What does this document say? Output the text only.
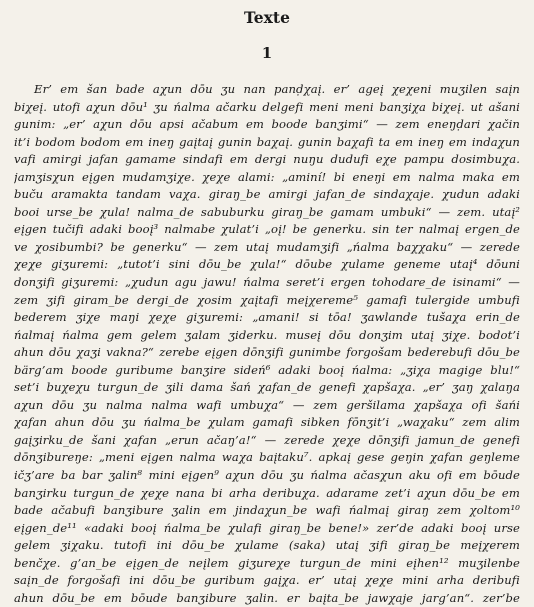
Texte
1
Er’ em šan bade aχun dōu ӡu nan panḍχaį. er’ ageį χeχeni muӡilen saįn
biχeį. utofi aχun dōu¹ ӡu ńalma ačarku delgefi meni meni banӡiχa biχeį. ut ašani
gunim: „er’ aχun dōu apsi ačabum em boode banӡimi“ — zem eneŋḍari χačin
it’i bodom bodom em ineŋ gaįtaį gunin baχaį. gunin baχafi ta em ineŋ em indaχun
vafi amirgi jafan gamame sindafi em dergi nuŋu dudufi eχe pampu dosimbuχa.
jamӡisχun eįgen mudamӡiχe. χeχe alami: „aminí! bi eneŋi em nalma maka em
buču aramakta tandam vaχa. giraŋ_be amirgi jafan_de sindaχaje. χudun adaki
booi urse_be χula! nalma_de sabuburku giraŋ_be gamam umbuki“ — zem. utaį²
eįgen tučifi adaki booį³ nalmabe χulat’i „oį! be generku. sin ter nalmaį ergen_de
ve χosibumbi? be generku“ — zem utaį mudamӡifi „ńalma baχχaku“ — zerede
χeχe giӡuremi: „tutot’i sini dōu_be χula!“ dōube χulame geneme utaį⁴ dōuni
donӡifi giӡuremi: „χudun agu jawu! ńalma seret’i ergen tohodare_de isinami“ —
zem ӡifi giram_be dergi_de χosim χaįtafi meįχereme⁵ gamafi tulergide umbufi
bederem ӡiχe maŋi χeχe giӡuremi: „amani! si tōa! ӡawlande tušaχa erin_de
ńalmaį ńalma gem gelem ӡalam ӡiderku. museį dōu donӡim utaį ӡiχe. bodot’i
ahun dōu χaӡi vakna?“ zerebe eįgen dōnӡifi gunimbe forgošam bederebufi dōu_be
bärg’am boode guribume banӡire sideń⁶ adaki booį ńalma: „ӡiχa magige blu!“
set’i buχeχu turgun_de ӡili dama šań χafan_de genefi χapšaχa. „er’ ӡaŋ χalaŋa
aχun dōu ӡu nalma nalma wafi umbuχa“ — zem geršilama χapšaχa ofi šańi
χafan ahun dōu ӡu ńalma_be χulam gamafi sibken fōnӡit’i „waχaku“ zem alim
gaįӡirku_de šani χafan „erun ačaŋ’a!“ — zerede χeχe dōnӡifi jamun_de genefi
dōnӡibureŋe: „meni eįgen nalma waχa baįtaku⁷. apkaį gese geŋin χafan geŋleme
ičӡ’are ba bar ӡalin⁸ mini eįgen⁹ aχun dōu ӡu ńalma ačasχun aku ofi em bōude
banӡirku turgun_de χeχe nana bi arha deribuχa. adarame zet’i aχun dōu_be em
bade ačabufi banӡibure ӡalin em jindaχun_be wafi ńalmaį giraŋ zem χoltom¹⁰
eįgen_de¹¹ «adaki booį ńalma_be χulafi giraŋ_be bene!» zer’de adaki booį urse
gelem ӡiχaku. tutofi ini dōu_be χulame (saka) utaį ӡifi giraŋ_be meįχerem
benčχe. g’an_be eįgen_de neįlem giӡureχe turgun_de mini eįhen¹² muӡilenbe
saįn_de forgošafi ini dōu_be guribum gaįχa. er’ utaį χeχe mini arha deribufi
ahun dōu_be em bōude banӡibure ӡalin. er baįta_be jawχaje jarg’an“. zer’be
